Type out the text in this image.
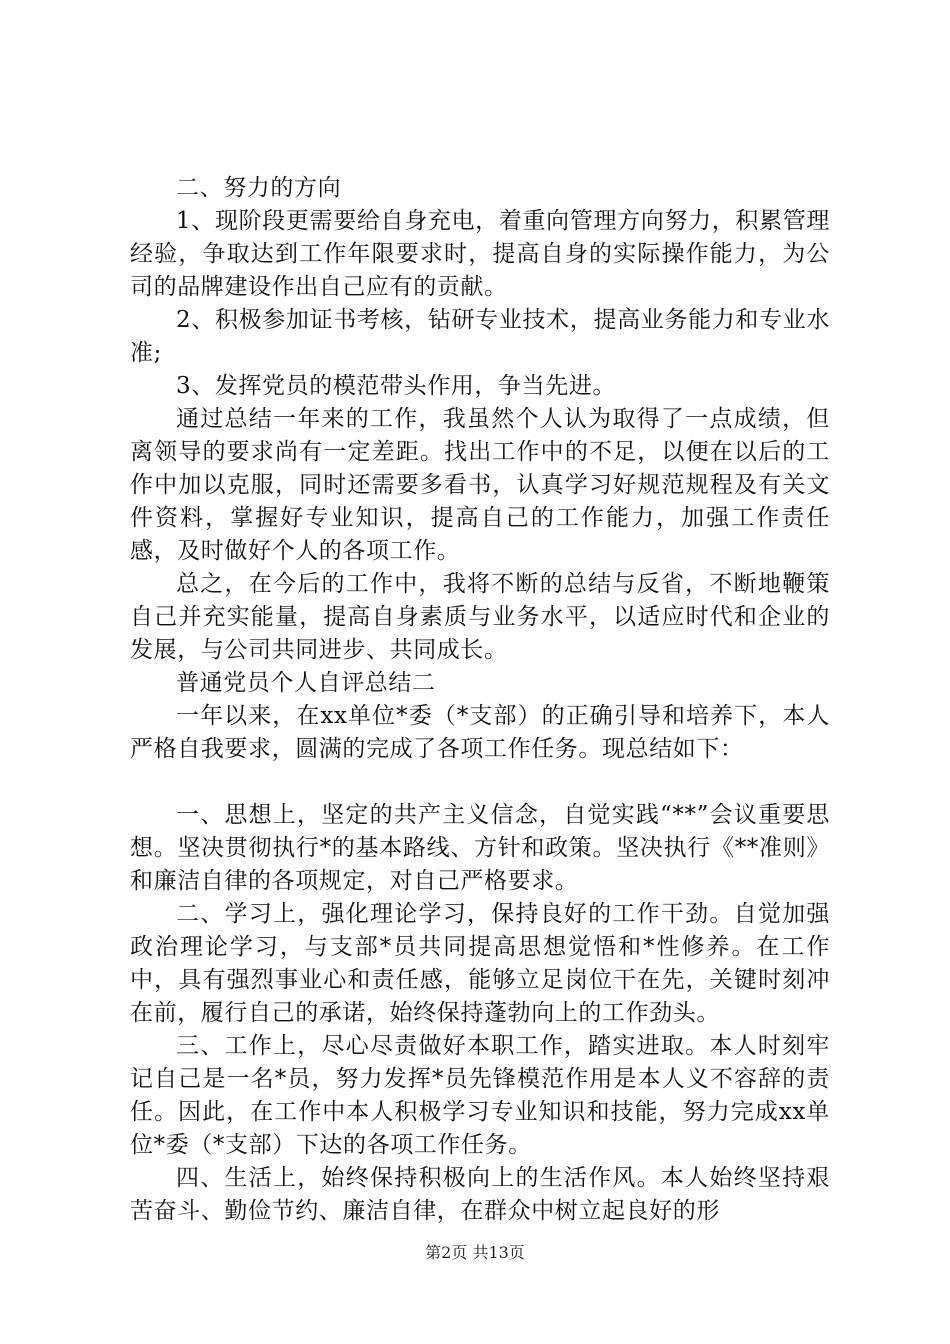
二、努力的方向

1、现阶段更需要给自身充电，着重向管理方向努力，积累管理经验，争取达到工作年限要求时，提高自身的实际操作能力，为公司的品牌建设作出自己应有的贡献。

2、积极参加证书考核，钻研专业技术，提高业务能力和专业水准;

3、发挥党员的模范带头作用，争当先进。

通过总结一年来的工作，我虽然个人认为取得了一点成绩，但离领导的要求尚有一定差距。找出工作中的不足，以便在以后的工作中加以克服，同时还需要多看书，认真学习好规范规程及有关文件资料，掌握好专业知识，提高自己的工作能力，加强工作责任感，及时做好个人的各项工作。

总之，在今后的工作中，我将不断的总结与反省，不断地鞭策自己并充实能量，提高自身素质与业务水平，以适应时代和企业的发展，与公司共同进步、共同成长。

普通党员个人自评总结二

一年以来，在xx单位*委（*支部）的正确引导和培养下，本人严格自我要求，圆满的完成了各项工作任务。现总结如下：

一、思想上，坚定的共产主义信念，自觉实践“**”会议重要思想。坚决贯彻执行*的基本路线、方针和政策。坚决执行《**准则》和廉洁自律的各项规定，对自己严格要求。

二、学习上，强化理论学习，保持良好的工作干劲。自觉加强政治理论学习，与支部*员共同提高思想觉悟和*性修养。在工作中，具有强烈事业心和责任感，能够立足岗位干在先，关键时刻冲在前，履行自己的承诺，始终保持蓬勃向上的工作劲头。

三、工作上，尽心尽责做好本职工作，踏实进取。本人时刻牢记自己是一名*员，努力发挥*员先锋模范作用是本人义不容辞的责任。因此，在工作中本人积极学习专业知识和技能，努力完成xx单位*委（*支部）下达的各项工作任务。

四、生活上，始终保持积极向上的生活作风。本人始终坚持艰苦奋斗、勤俭节约、廉洁自律，在群众中树立起良好的形

第2页 共13页
